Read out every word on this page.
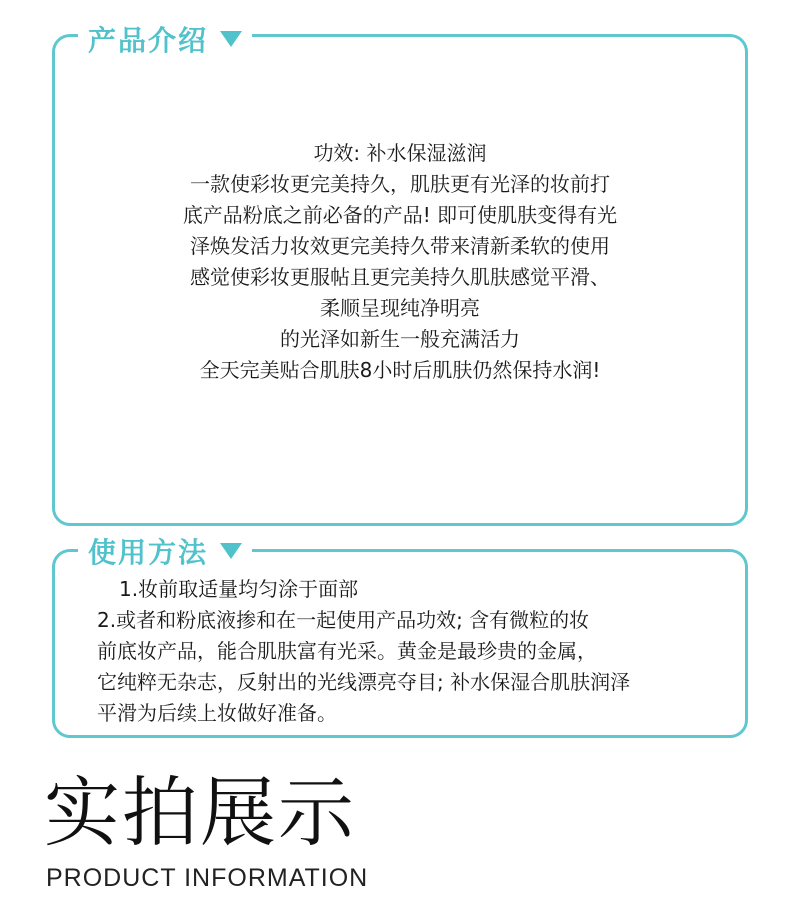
功效: 补水保湿滋润
一款使彩妆更完美持久，肌肤更有光泽的妆前打
底产品粉底之前必备的产品! 即可使肌肤变得有光
泽焕发活力妆效更完美持久带来清新柔软的使用
感觉使彩妆更服帖且更完美持久肌肤感觉平滑、
柔顺呈现纯净明亮
的光泽如新生一般充满活力
全天完美贴合肌肤8小时后肌肤仍然保持水润!
产品介绍
1.妆前取适量均匀涂于面部
2.或者和粉底液掺和在一起使用产品功效; 含有微粒的妆
前底妆产品，能合肌肤富有光采。黄金是最珍贵的金属，
它纯粹无杂志，反射出的光线漂亮夺目; 补水保湿合肌肤润泽
平滑为后续上妆做好准备。
使用方法
实拍展示
PRODUCT INFORMATION
